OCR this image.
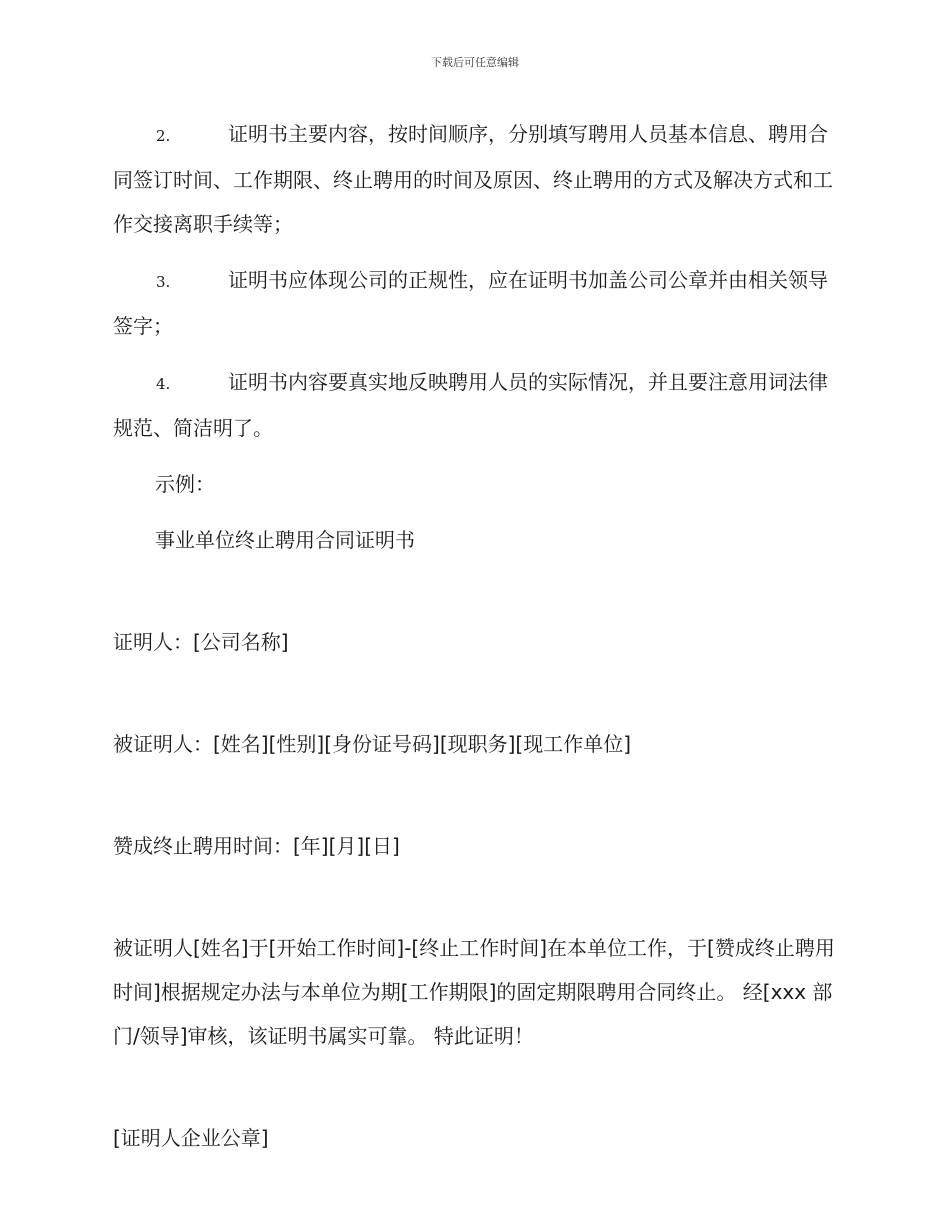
下载后可任意编辑

2.	证明书主要内容，按时间顺序，分别填写聘用人员基本信息、聘用合同签订时间、工作期限、终止聘用的时间及原因、终止聘用的方式及解决方式和工作交接离职手续等；

3.	证明书应体现公司的正规性，应在证明书加盖公司公章并由相关领导签字；

4.	证明书内容要真实地反映聘用人员的实际情况，并且要注意用词法律规范、简洁明了。

示例：

事业单位终止聘用合同证明书

证明人：[公司名称]

被证明人：[姓名][性别][身份证号码][现职务][现工作单位]

赞成终止聘用时间：[年][月][日]

被证明人[姓名]于[开始工作时间]-[终止工作时间]在本单位工作，于[赞成终止聘用时间]根据规定办法与本单位为期[工作期限]的固定期限聘用合同终止。 经[xxx 部门/领导]审核，该证明书属实可靠。 特此证明！

[证明人企业公章]
